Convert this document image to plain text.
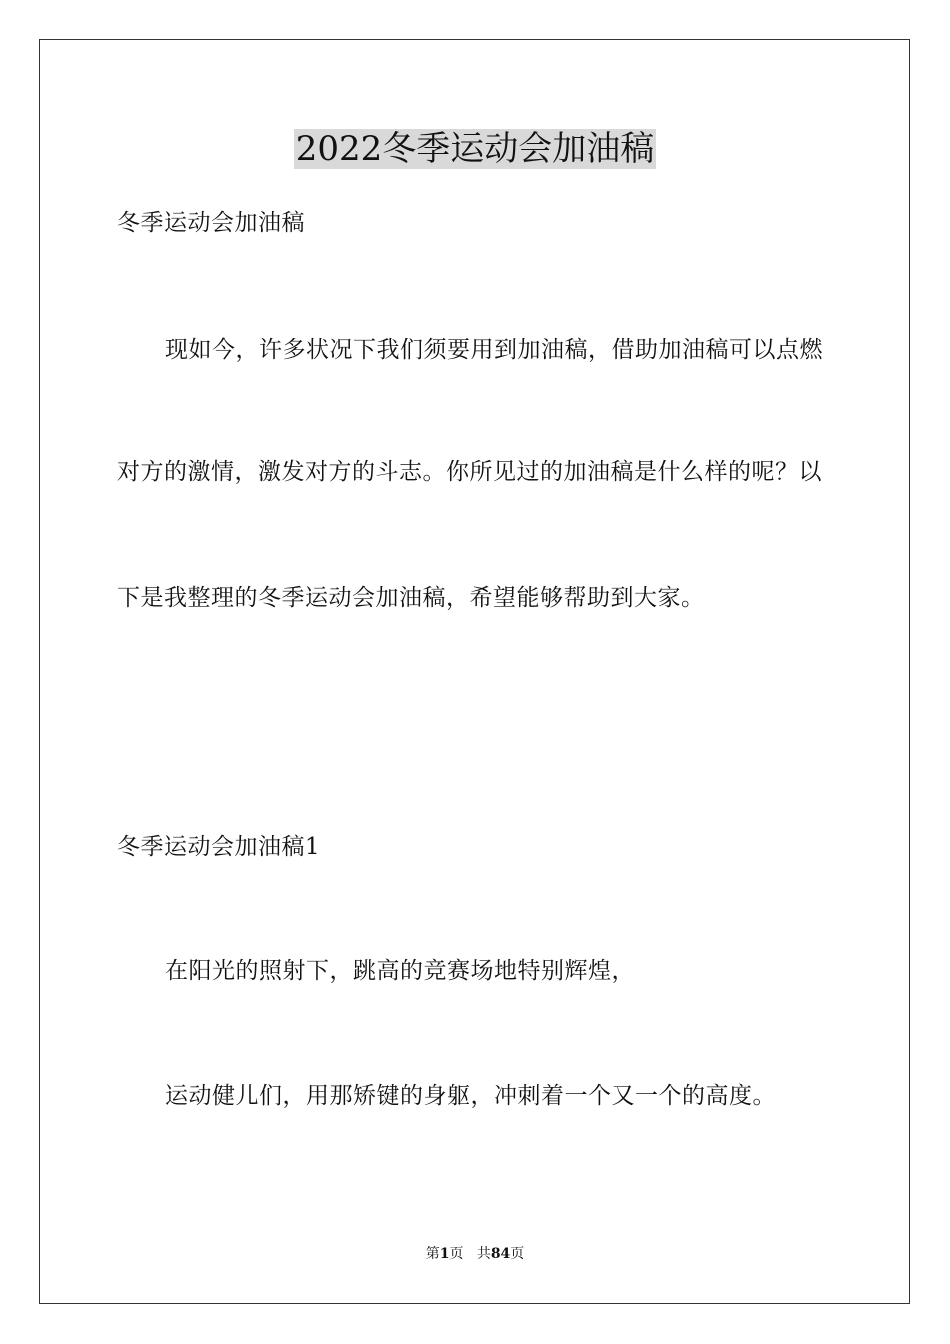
2022冬季运动会加油稿
冬季运动会加油稿
现如今，许多状况下我们须要用到加油稿，借助加油稿可以点燃
对方的激情，激发对方的斗志。你所见过的加油稿是什么样的呢？以
下是我整理的冬季运动会加油稿，希望能够帮助到大家。
冬季运动会加油稿1
在阳光的照射下，跳高的竞赛场地特别辉煌，
运动健儿们，用那矫键的身躯，冲刺着一个又一个的高度。
第1页 共84页
